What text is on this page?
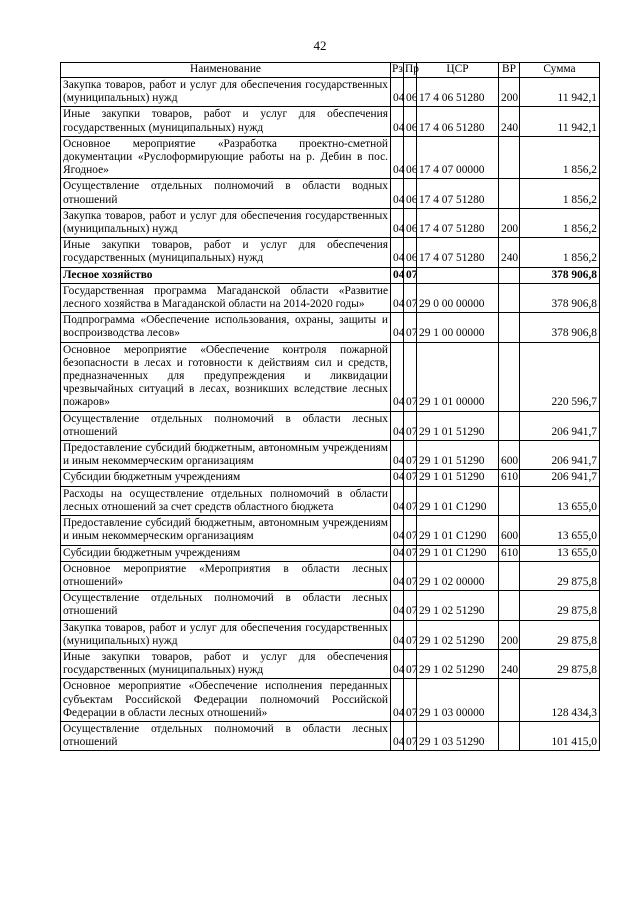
42
Наименование	Рз	Пр	ЦСР	ВР	Сумма
Закупка товаров, работ и услуг для обеспечения государственных (муниципальных) нужд	04	06	17 4 06 51280	200	11 942,1
Иные закупки товаров, работ и услуг для обеспечения государственных (муниципальных) нужд	04	06	17 4 06 51280	240	11 942,1
Основное мероприятие «Разработка проектно-сметной документации «Руслоформирующие работы на р. Дебин в пос. Ягодное»	04	06	17 4 07 00000		1 856,2
Осуществление отдельных полномочий в области водных отношений	04	06	17 4 07 51280		1 856,2
Закупка товаров, работ и услуг для обеспечения государственных (муниципальных) нужд	04	06	17 4 07 51280	200	1 856,2
Иные закупки товаров, работ и услуг для обеспечения государственных (муниципальных) нужд	04	06	17 4 07 51280	240	1 856,2
Лесное хозяйство	04	07			378 906,8
Государственная программа Магаданской области «Развитие лесного хозяйства в Магаданской области на 2014-2020 годы»	04	07	29 0 00 00000		378 906,8
Подпрограмма «Обеспечение использования, охраны, защиты и воспроизводства лесов»	04	07	29 1 00 00000		378 906,8
Основное мероприятие «Обеспечение контроля пожарной безопасности в лесах и готовности к действиям сил и средств, предназначенных для предупреждения и ликвидации чрезвычайных ситуаций в лесах, возникших вследствие лесных пожаров»	04	07	29 1 01 00000		220 596,7
Осуществление отдельных полномочий в области лесных отношений	04	07	29 1 01 51290		206 941,7
Предоставление субсидий бюджетным, автономным учреждениям и иным некоммерческим организациям	04	07	29 1 01 51290	600	206 941,7
Субсидии бюджетным учреждениям	04	07	29 1 01 51290	610	206 941,7
Расходы на осуществление отдельных полномочий в области лесных отношений за счет средств областного бюджета	04	07	29 1 01 С1290		13 655,0
Предоставление субсидий бюджетным, автономным учреждениям и иным некоммерческим организациям	04	07	29 1 01 С1290	600	13 655,0
Субсидии бюджетным учреждениям	04	07	29 1 01 С1290	610	13 655,0
Основное мероприятие «Мероприятия в области лесных отношений»	04	07	29 1 02 00000		29 875,8
Осуществление отдельных полномочий в области лесных отношений	04	07	29 1 02 51290		29 875,8
Закупка товаров, работ и услуг для обеспечения государственных (муниципальных) нужд	04	07	29 1 02 51290	200	29 875,8
Иные закупки товаров, работ и услуг для обеспечения государственных (муниципальных) нужд	04	07	29 1 02 51290	240	29 875,8
Основное мероприятие «Обеспечение исполнения переданных субъектам Российской Федерации полномочий Российской Федерации в области лесных отношений»	04	07	29 1 03 00000		128 434,3
Осуществление отдельных полномочий в области лесных отношений	04	07	29 1 03 51290		101 415,0
